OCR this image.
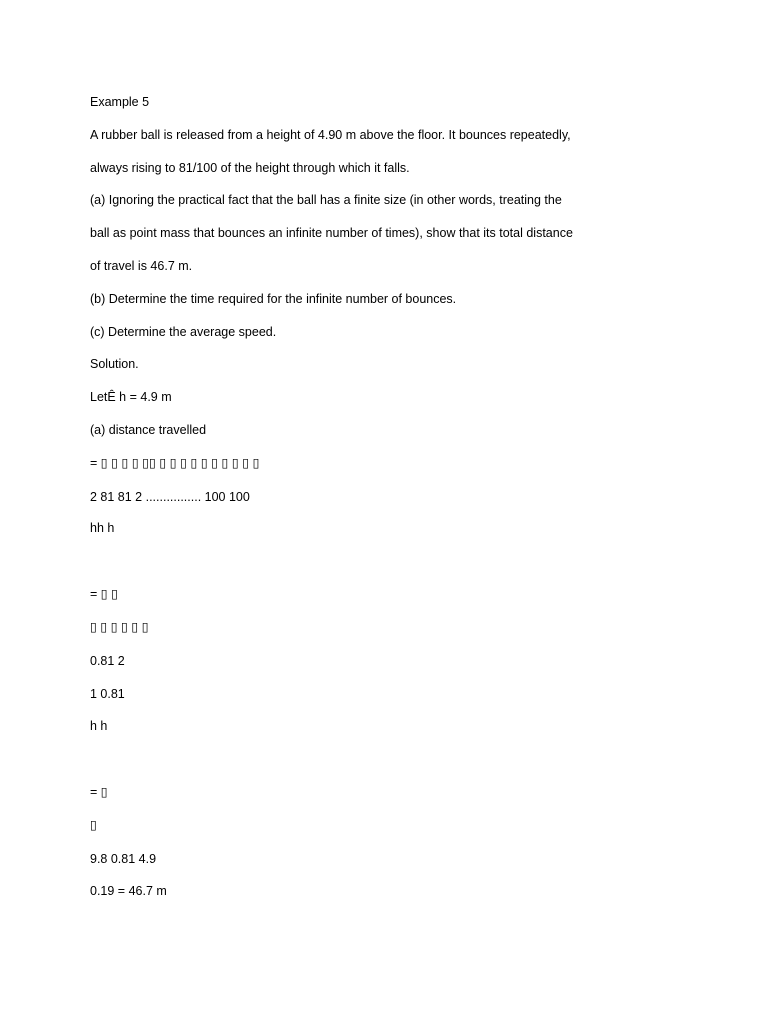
Example 5

A rubber ball is released from a height of 4.90 m above the floor. It bounces repeatedly,

always rising to 81/100 of the height through which it falls.

(a) Ignoring the practical fact that the ball has a finite size (in other words, treating the

ball as point mass that bounces an infinite number of times), show that its total distance

of travel is 46.7 m.

(b) Determine the time required for the infinite number of bounces.

(c) Determine the average speed.

Solution.

LetÊ h = 4.9 m

(a) distance travelled

= ▯ ▯ ▯ ▯ ▯▯ ▯ ▯ ▯ ▯ ▯ ▯ ▯ ▯ ▯ ▯

2 81 81 2 ................ 100 100

hh h

= ▯ ▯

▯ ▯ ▯ ▯ ▯ ▯

0.81 2

1 0.81

h h

= ▯

▯

9.8 0.81 4.9

0.19 = 46.7 m
